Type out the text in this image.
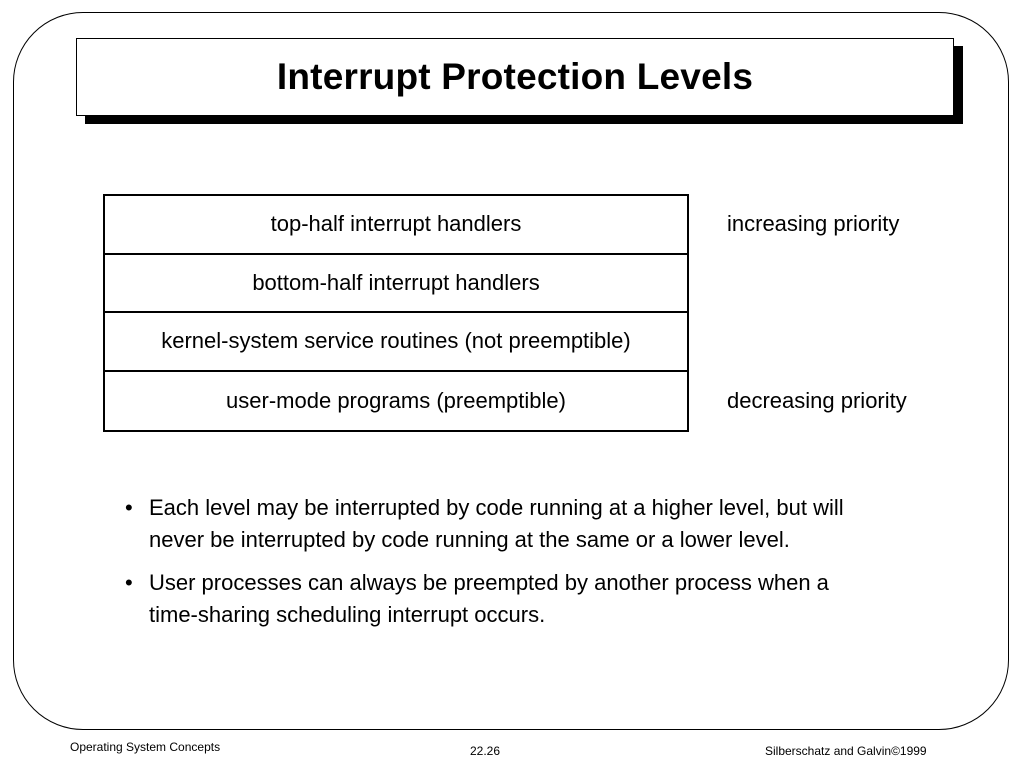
Interrupt Protection Levels
top-half interrupt handlers
bottom-half interrupt handlers
kernel-system service routines (not preemptible)
user-mode programs (preemptible)
increasing priority
decreasing priority
• Each level may be interrupted by code running at a higher level, but will never be interrupted by code running at the same or a lower level.
• User processes can always be preempted by another process when a time-sharing scheduling interrupt occurs.
Operating System Concepts	22.26	Silberschatz and Galvin©1999
